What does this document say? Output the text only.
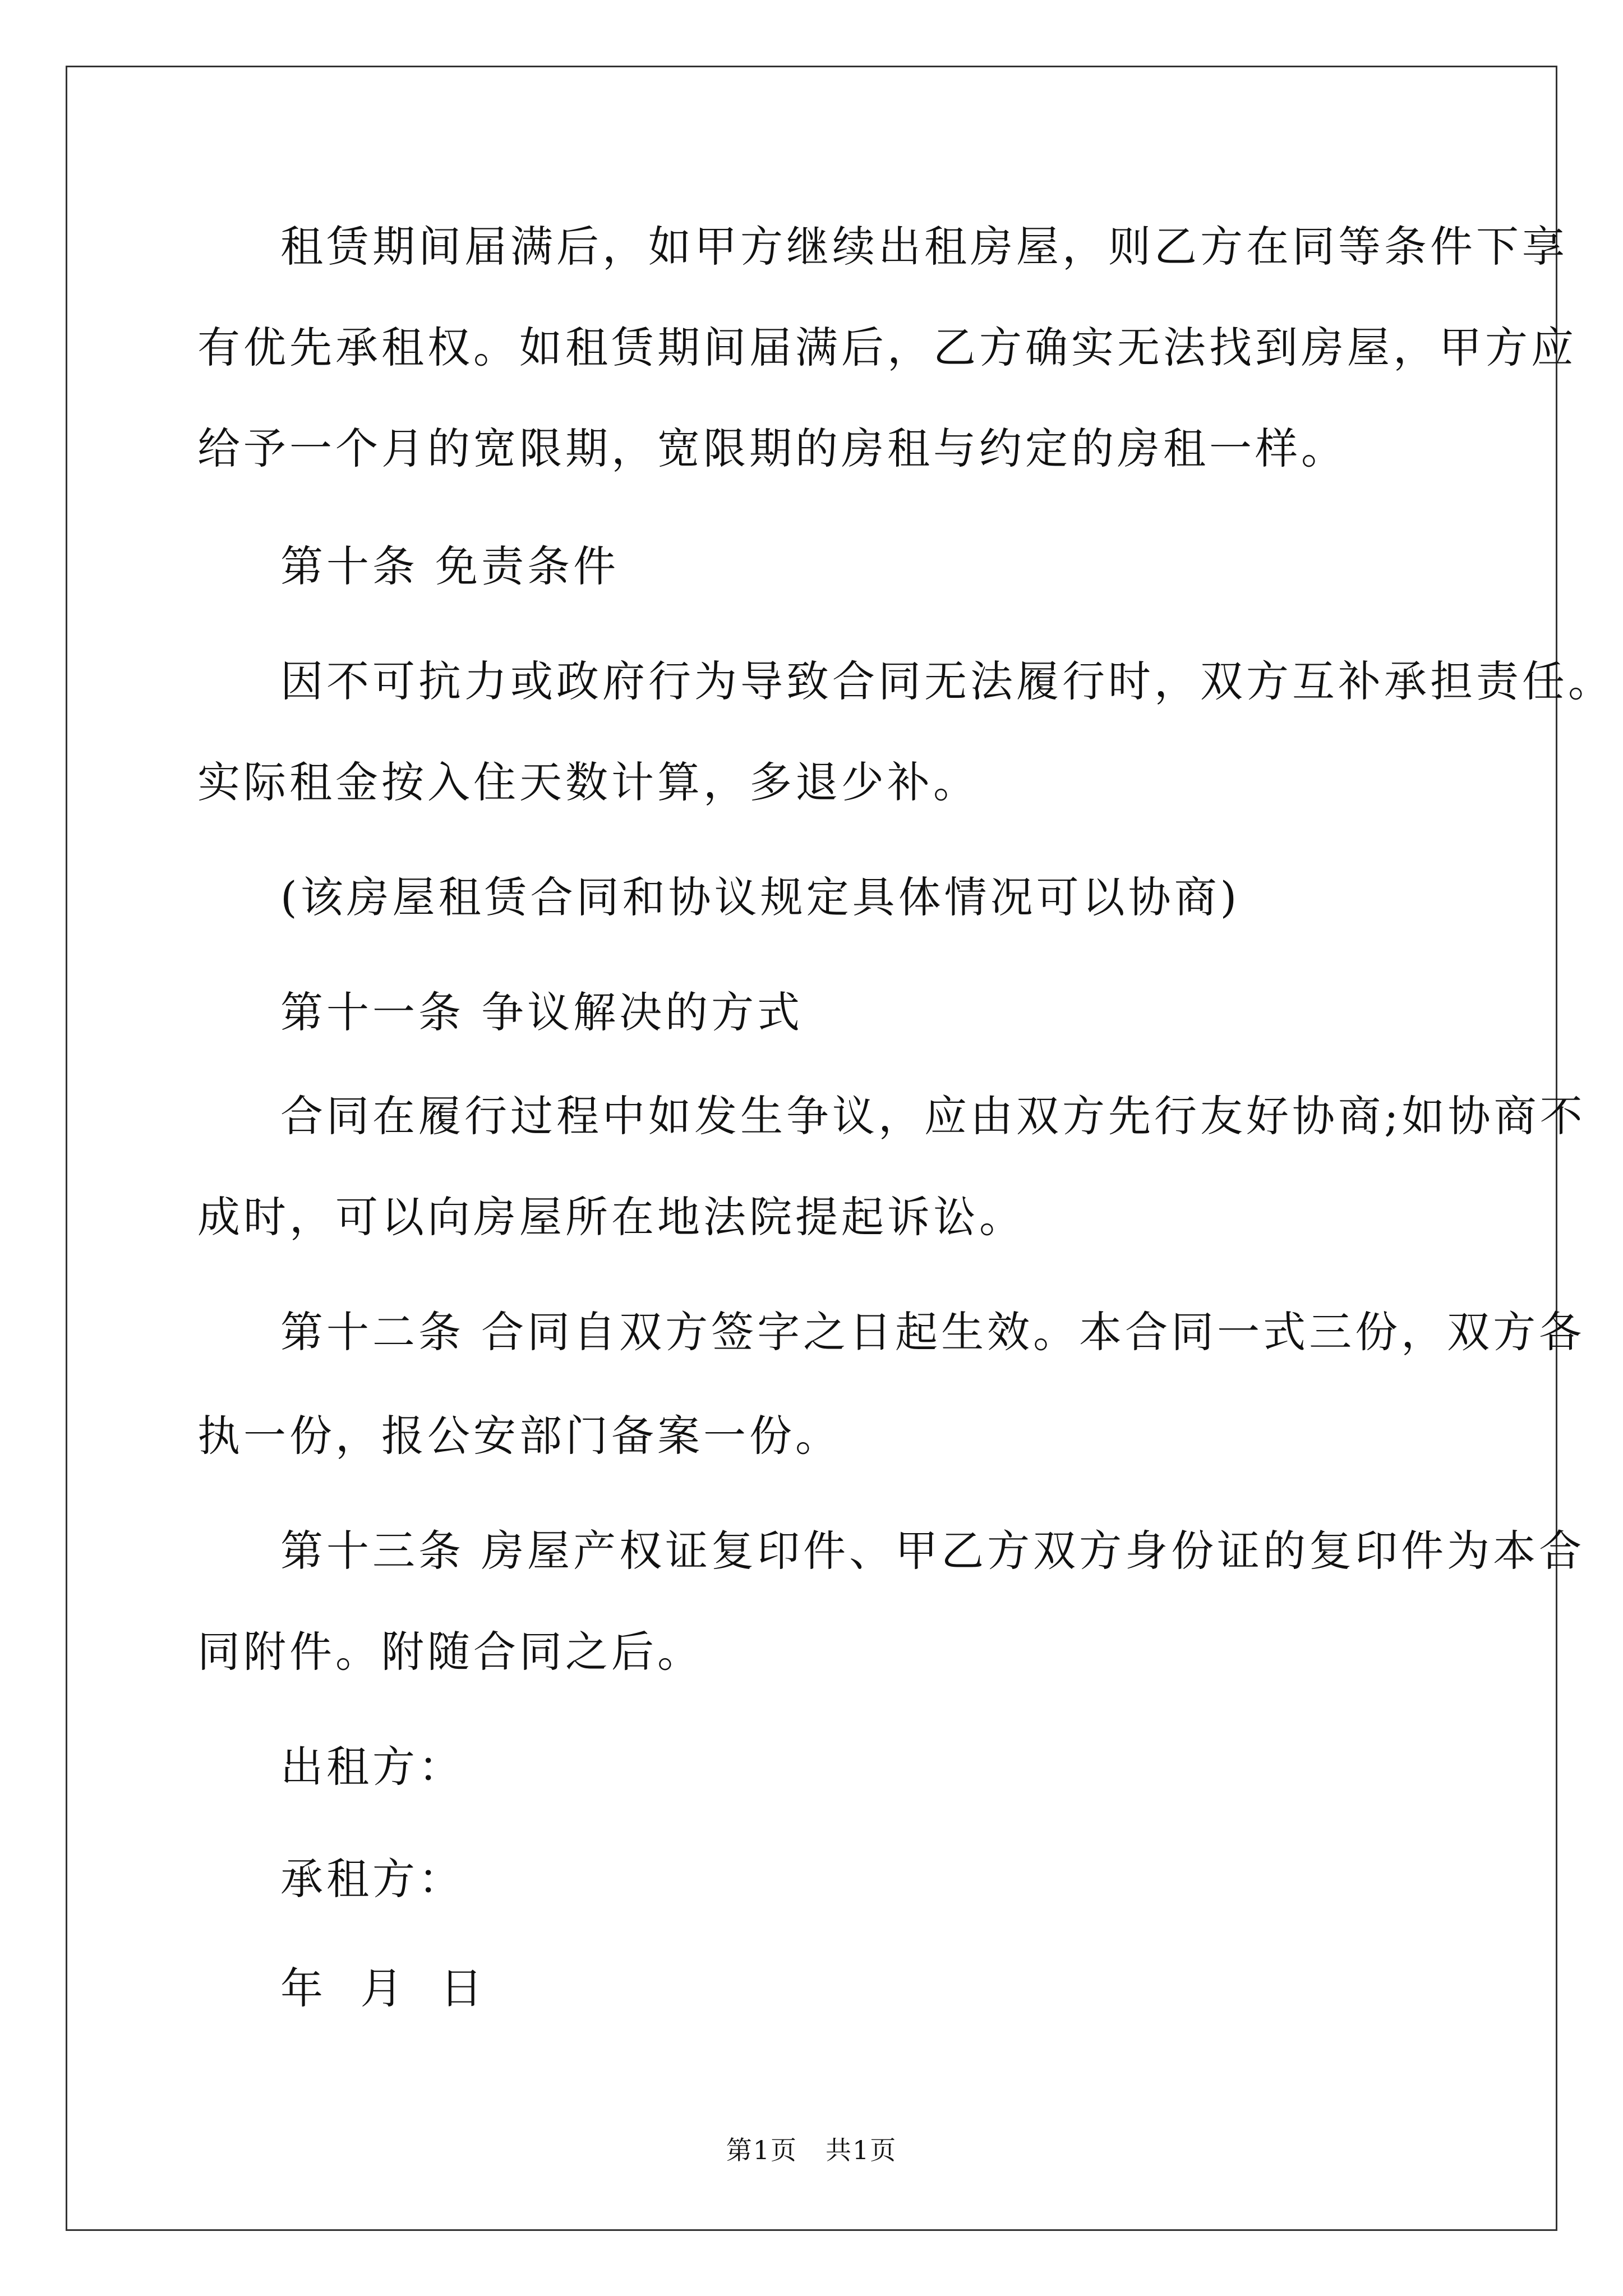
租赁期间届满后，如甲方继续出租房屋，则乙方在同等条件下享
有优先承租权。如租赁期间届满后，乙方确实无法找到房屋，甲方应
给予一个月的宽限期，宽限期的房租与约定的房租一样。
第十条 免责条件
因不可抗力或政府行为导致合同无法履行时，双方互补承担责任。
实际租金按入住天数计算，多退少补。
(该房屋租赁合同和协议规定具体情况可以协商)
第十一条 争议解决的方式
合同在履行过程中如发生争议，应由双方先行友好协商;如协商不
成时，可以向房屋所在地法院提起诉讼。
第十二条 合同自双方签字之日起生效。本合同一式三份，双方各
执一份，报公安部门备案一份。
第十三条 房屋产权证复印件、甲乙方双方身份证的复印件为本合
同附件。附随合同之后。
出租方：
承租方：
年  月  日
第1页 共1页
